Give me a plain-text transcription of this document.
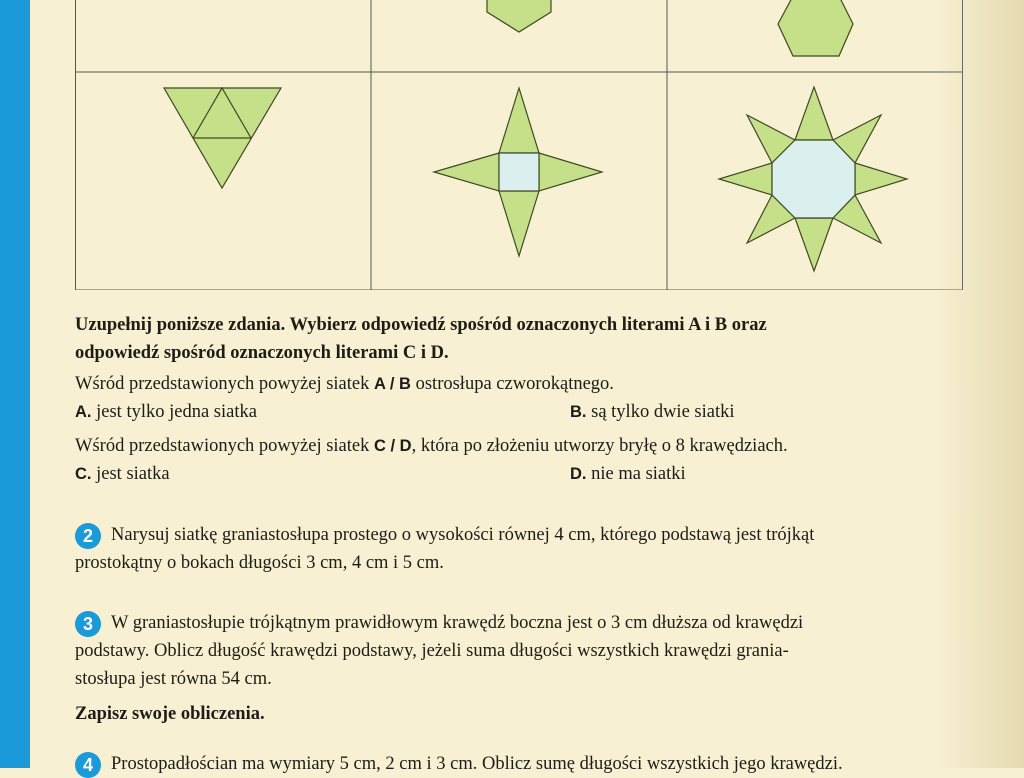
Uzupełnij poniższe zdania. Wybierz odpowiedź spośród oznaczonych literami A i B oraz
odpowiedź spośród oznaczonych literami C i D.
Wśród przedstawionych powyżej siatek A / B ostrosłupa czworokątnego.
A. jest tylko jedna siatka	B. są tylko dwie siatki
Wśród przedstawionych powyżej siatek C / D, która po złożeniu utworzy bryłę o 8 krawędziach.
C. jest siatka	D. nie ma siatki
2 Narysuj siatkę graniastosłupa prostego o wysokości równej 4 cm, którego podstawą jest trójkąt
prostokątny o bokach długości 3 cm, 4 cm i 5 cm.
3 W graniastosłupie trójkątnym prawidłowym krawędź boczna jest o 3 cm dłuższa od krawędzi
podstawy. Oblicz długość krawędzi podstawy, jeżeli suma długości wszystkich krawędzi grania-
stosłupa jest równa 54 cm.
Zapisz swoje obliczenia.
4 Prostopadłościan ma wymiary 5 cm, 2 cm i 3 cm. Oblicz sumę długości wszystkich jego krawędzi.
